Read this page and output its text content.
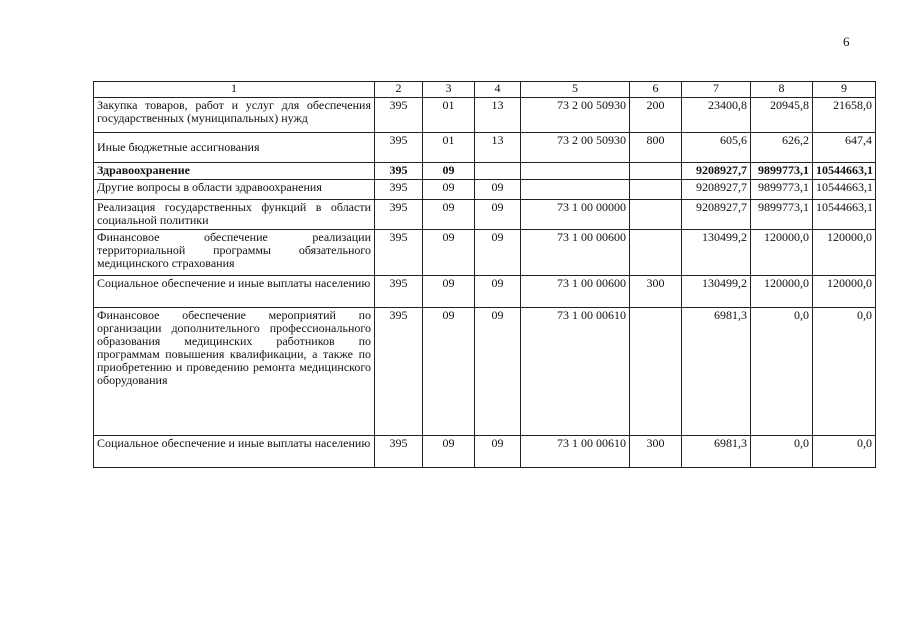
6
1	2	3	4	5	6	7	8	9
Закупка товаров, работ и услуг для обеспечения государственных (муниципальных) нужд	395	01	13	73 2 00 50930	200	23400,8	20945,8	21658,0
Иные бюджетные ассигнования	395	01	13	73 2 00 50930	800	605,6	626,2	647,4
Здравоохранение	395	09				9208927,7	9899773,1	10544663,1
Другие вопросы в области здравоохранения	395	09	09			9208927,7	9899773,1	10544663,1
Реализация государственных функций в области социальной политики	395	09	09	73 1 00 00000		9208927,7	9899773,1	10544663,1
Финансовое обеспечение реализации территориальной программы обязательного медицинского страхования	395	09	09	73 1 00 00600		130499,2	120000,0	120000,0
Социальное обеспечение и иные выплаты населению	395	09	09	73 1 00 00600	300	130499,2	120000,0	120000,0
Финансовое обеспечение мероприятий по организации дополнительного профессионального образования медицинских работников по программам повышения квалификации, а также по приобретению и проведению ремонта медицинского оборудования	395	09	09	73 1 00 00610		6981,3	0,0	0,0
Социальное обеспечение и иные выплаты населению	395	09	09	73 1 00 00610	300	6981,3	0,0	0,0
